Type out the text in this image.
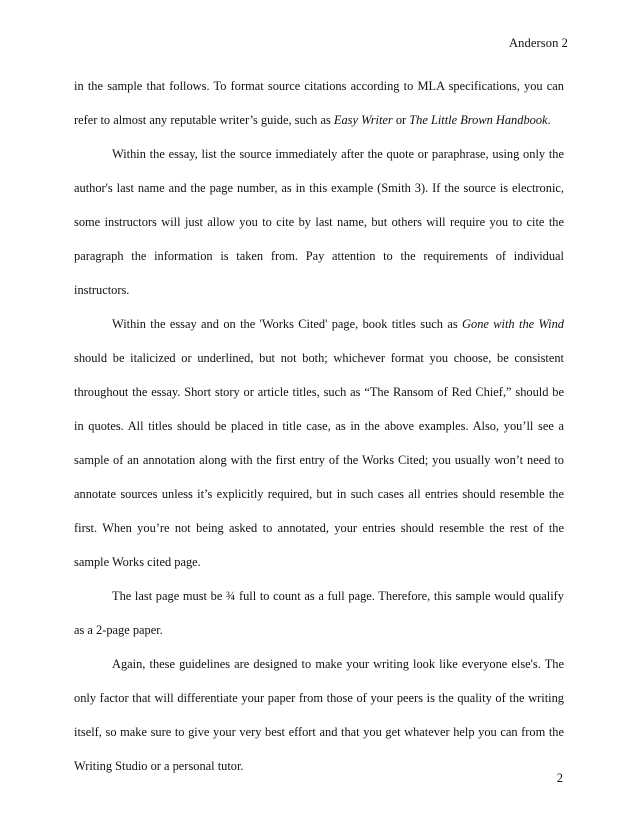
Anderson 2

in the sample that follows. To format source citations according to MLA specifications, you can refer to almost any reputable writer’s guide, such as Easy Writer or The Little Brown Handbook.

Within the essay, list the source immediately after the quote or paraphrase, using only the author's last name and the page number, as in this example (Smith 3). If the source is electronic, some instructors will just allow you to cite by last name, but others will require you to cite the paragraph the information is taken from. Pay attention to the requirements of individual instructors.

Within the essay and on the 'Works Cited' page, book titles such as Gone with the Wind should be italicized or underlined, but not both; whichever format you choose, be consistent throughout the essay. Short story or article titles, such as “The Ransom of Red Chief,” should be in quotes. All titles should be placed in title case, as in the above examples. Also, you’ll see a sample of an annotation along with the first entry of the Works Cited; you usually won’t need to annotate sources unless it’s explicitly required, but in such cases all entries should resemble the first. When you’re not being asked to annotated, your entries should resemble the rest of the sample Works cited page.

The last page must be ¾ full to count as a full page. Therefore, this sample would qualify as a 2-page paper.

Again, these guidelines are designed to make your writing look like everyone else's. The only factor that will differentiate your paper from those of your peers is the quality of the writing itself, so make sure to give your very best effort and that you get whatever help you can from the Writing Studio or a personal tutor.

2
